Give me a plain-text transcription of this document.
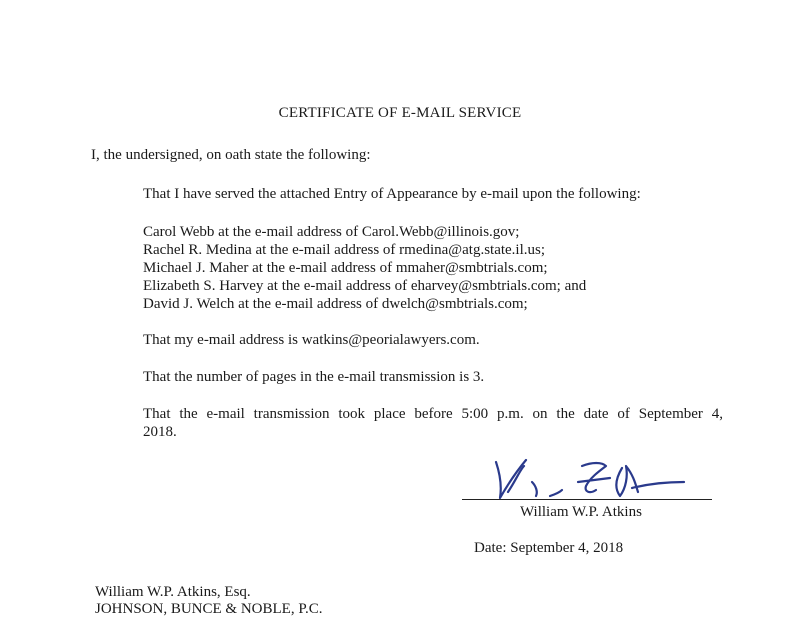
CERTIFICATE OF E-MAIL SERVICE
I, the undersigned, on oath state the following:
That I have served the attached Entry of Appearance by e-mail upon the following:
Carol Webb at the e-mail address of Carol.Webb@illinois.gov;
Rachel R. Medina at the e-mail address of rmedina@atg.state.il.us;
Michael J. Maher at the e-mail address of mmaher@smbtrials.com;
Elizabeth S. Harvey at the e-mail address of eharvey@smbtrials.com; and
David J. Welch at the e-mail address of dwelch@smbtrials.com;
That my e-mail address is watkins@peorialawyers.com.
That the number of pages in the e-mail transmission is 3.
That the e-mail transmission took place before 5:00 p.m. on the date of September 4,
2018.
William W.P. Atkins
Date: September 4, 2018
William W.P. Atkins, Esq.
JOHNSON, BUNCE & NOBLE, P.C.
